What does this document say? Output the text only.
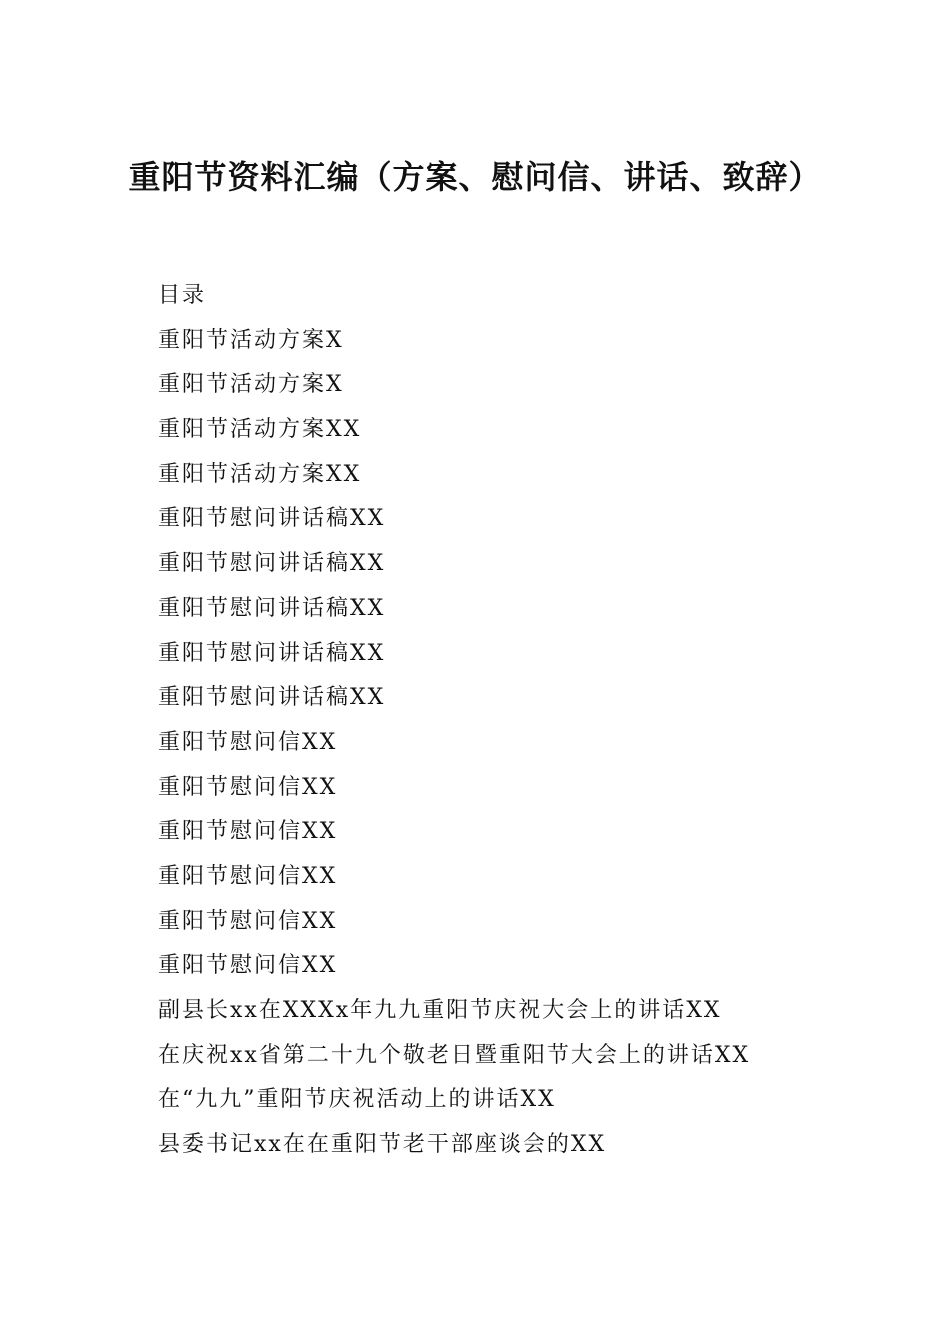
重阳节资料汇编（方案、慰问信、讲话、致辞）
目录
重阳节活动方案X
重阳节活动方案X
重阳节活动方案XX
重阳节活动方案XX
重阳节慰问讲话稿XX
重阳节慰问讲话稿XX
重阳节慰问讲话稿XX
重阳节慰问讲话稿XX
重阳节慰问讲话稿XX
重阳节慰问信XX
重阳节慰问信XX
重阳节慰问信XX
重阳节慰问信XX
重阳节慰问信XX
重阳节慰问信XX
副县长xx在XXXx年九九重阳节庆祝大会上的讲话XX
在庆祝xx省第二十九个敬老日暨重阳节大会上的讲话XX
在“九九”重阳节庆祝活动上的讲话XX
县委书记xx在在重阳节老干部座谈会的XX
